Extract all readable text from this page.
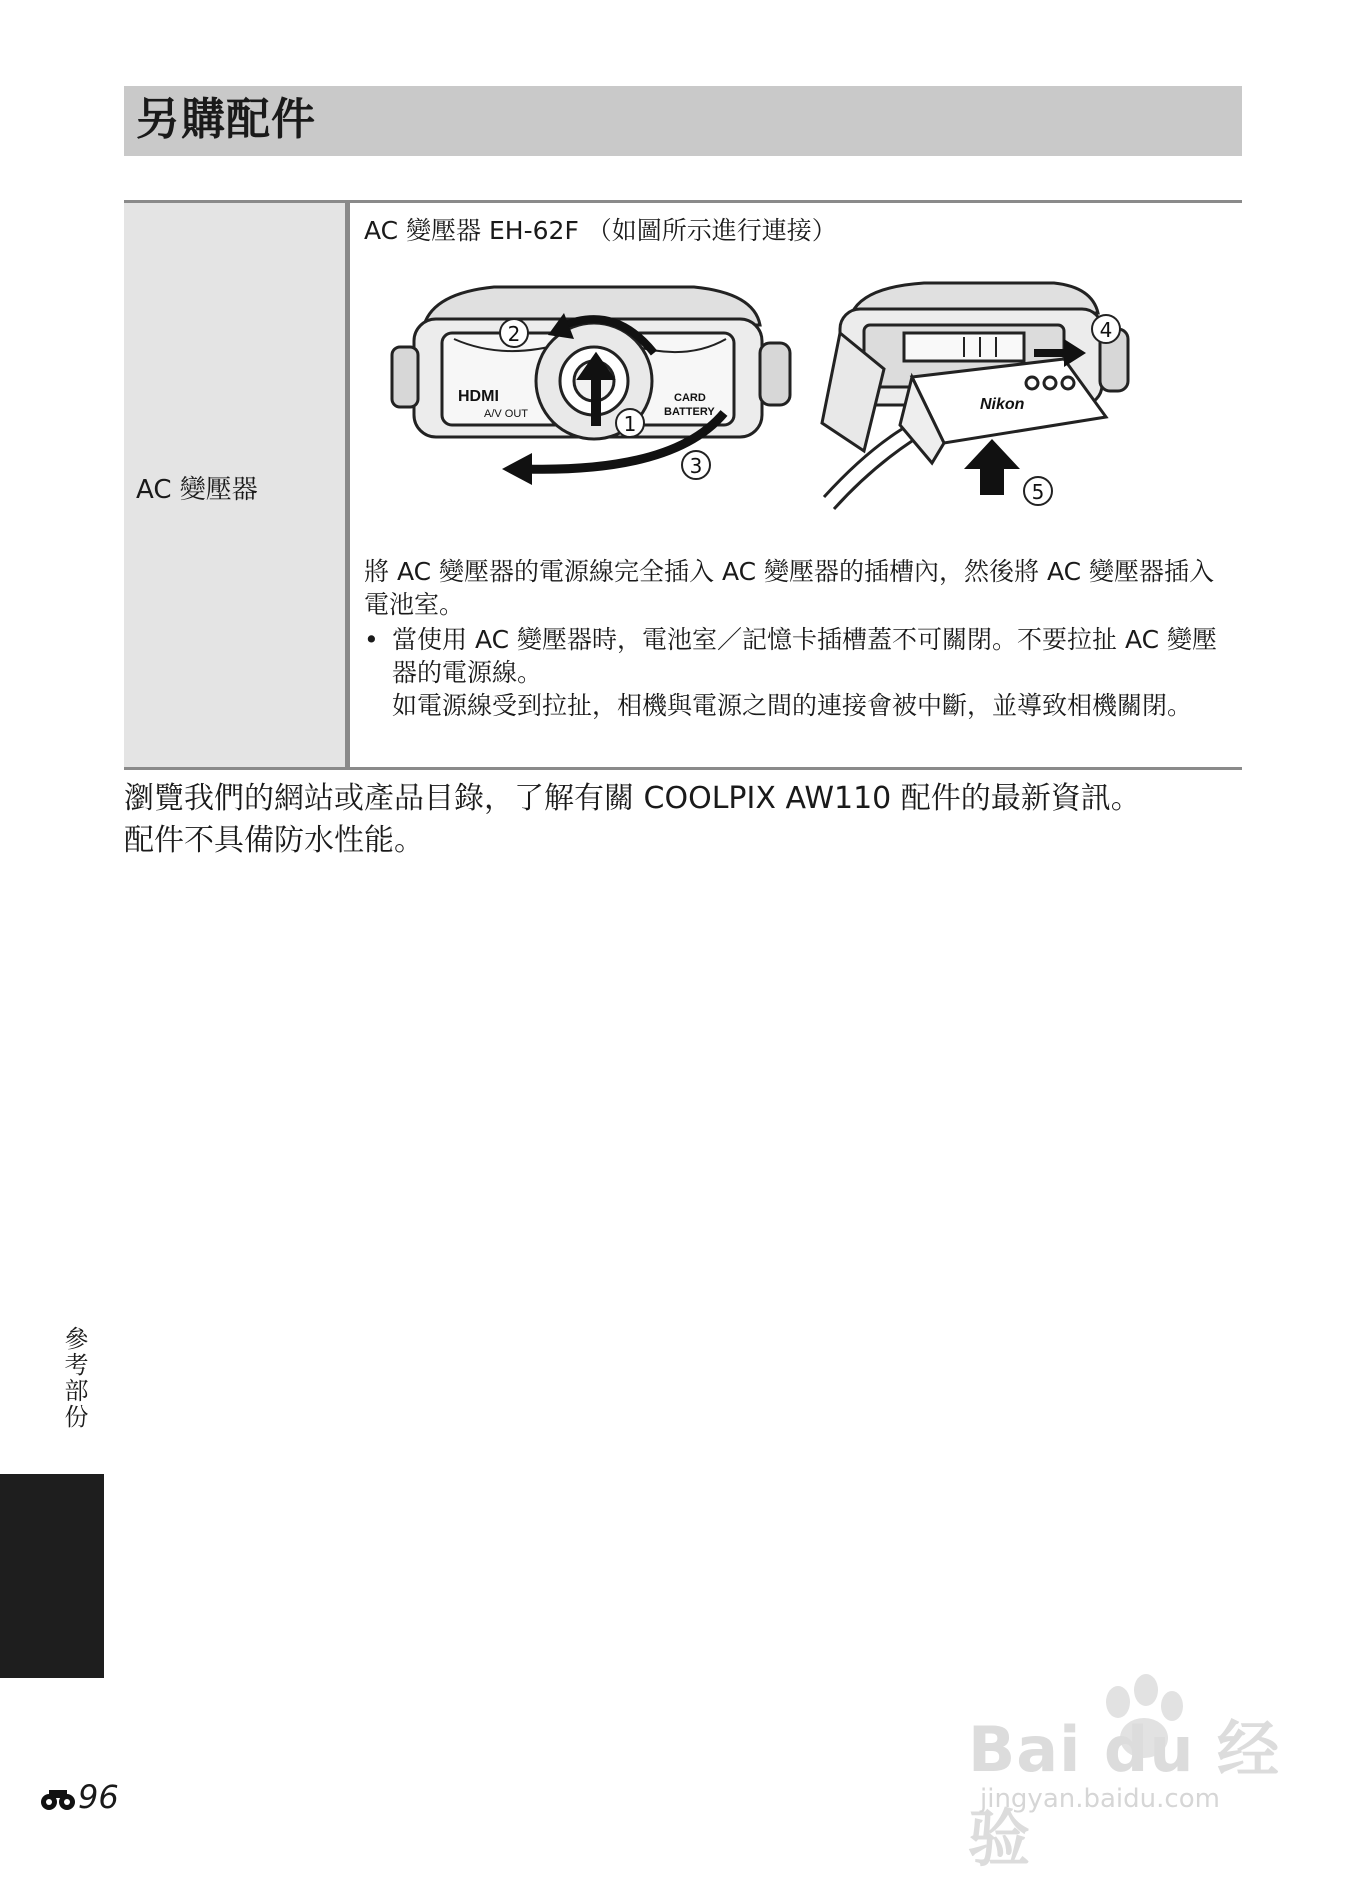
另購配件
AC 變壓器
AC 變壓器 EH-62F （如圖所示進行連接）
HDMI
A/V OUT
CARD
BATTERY
1
2
3
Nikon
4
5

將 AC 變壓器的電源線完全插入 AC 變壓器的插槽內，然後將 AC 變壓器插入電池室。

• 當使用 AC 變壓器時，電池室／記憶卡插槽蓋不可關閉。不要拉扯 AC 變壓器的電源線。

如電源線受到拉扯，相機與電源之間的連接會被中斷，並導致相機關閉。

瀏覽我們的網站或產品目錄，了解有關 COOLPIX AW110 配件的最新資訊。

配件不具備防水性能。

參考部份
96
Bai du 经验
jingyan.baidu.com
